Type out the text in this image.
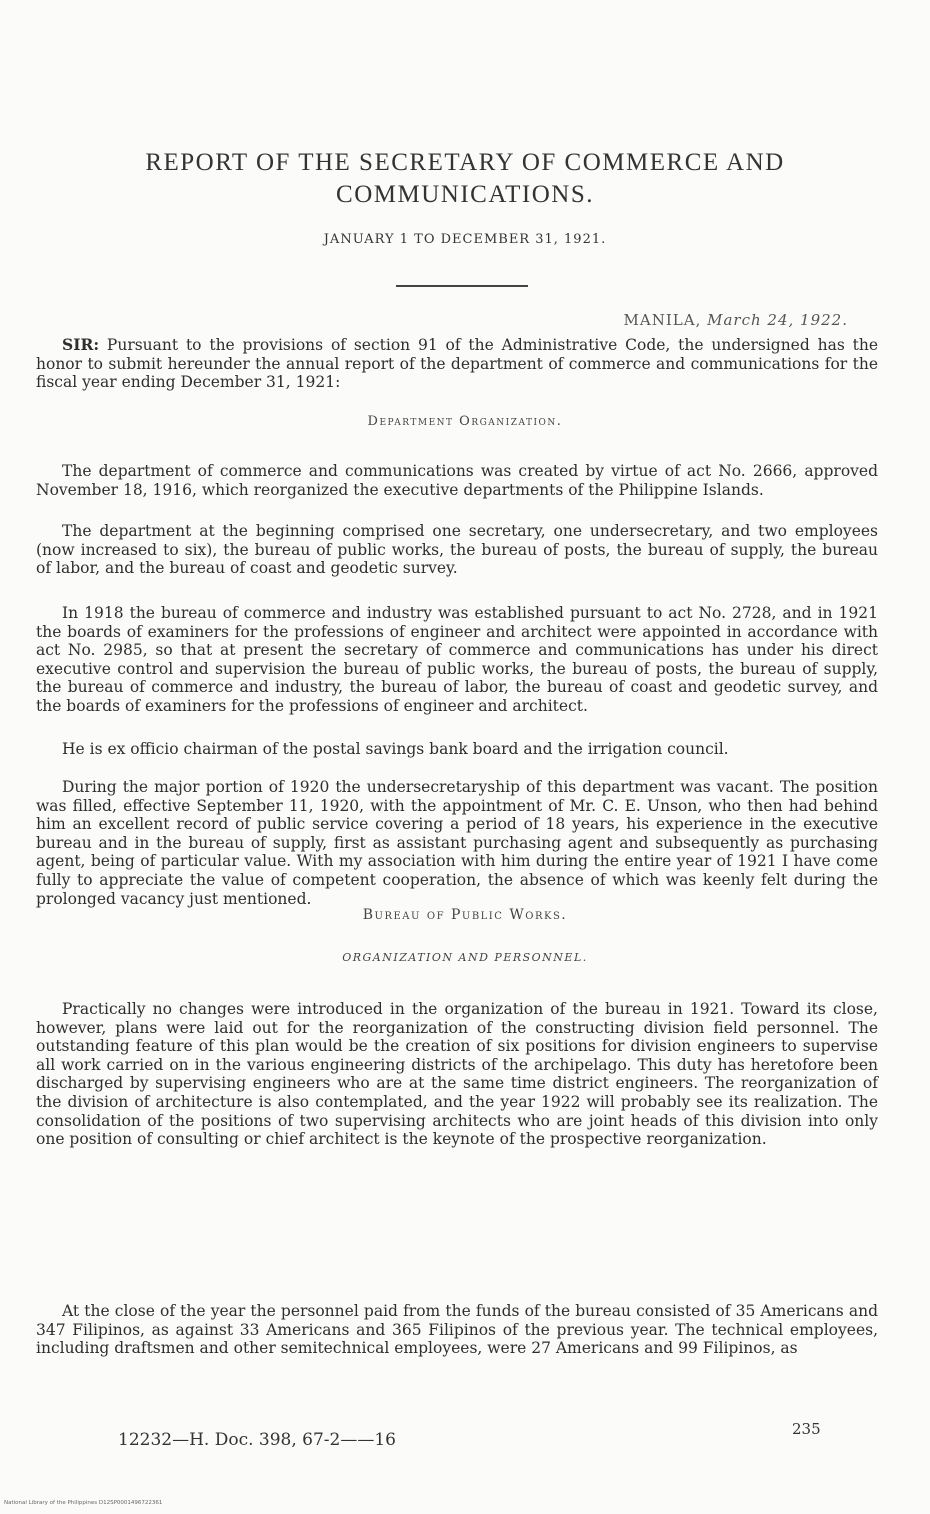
REPORT OF THE SECRETARY OF COMMERCE AND
COMMUNICATIONS.
JANUARY 1 TO DECEMBER 31, 1921.
MANILA, March 24, 1922.

SIR: Pursuant to the provisions of section 91 of the Administrative Code, the undersigned has the honor to submit hereunder the annual report of the department of commerce and communications for the fiscal year ending December 31, 1921:

Department Organization.

The department of commerce and communications was created by virtue of act No. 2666, approved November 18, 1916, which reorganized the executive departments of the Philippine Islands.

The department at the beginning comprised one secretary, one undersecretary, and two employees (now increased to six), the bureau of public works, the bureau of posts, the bureau of supply, the bureau of labor, and the bureau of coast and geodetic survey.

In 1918 the bureau of commerce and industry was established pursuant to act No. 2728, and in 1921 the boards of examiners for the professions of engineer and architect were appointed in accordance with act No. 2985, so that at present the secretary of commerce and communications has under his direct executive control and supervision the bureau of public works, the bureau of posts, the bureau of supply, the bureau of commerce and industry, the bureau of labor, the bureau of coast and geodetic survey, and the boards of examiners for the professions of engineer and architect.

He is ex officio chairman of the postal savings bank board and the irrigation council.

During the major portion of 1920 the undersecretaryship of this department was vacant. The position was filled, effective September 11, 1920, with the appointment of Mr. C. E. Unson, who then had behind him an excellent record of public service covering a period of 18 years, his experience in the executive bureau and in the bureau of supply, first as assistant purchasing agent and subsequently as purchasing agent, being of particular value. With my association with him during the entire year of 1921 I have come fully to appreciate the value of competent cooperation, the absence of which was keenly felt during the prolonged vacancy just mentioned.

Bureau of Public Works.
ORGANIZATION AND PERSONNEL.

Practically no changes were introduced in the organization of the bureau in 1921. Toward its close, however, plans were laid out for the reorganization of the constructing division field personnel. The outstanding feature of this plan would be the creation of six positions for division engineers to supervise all work carried on in the various engineering districts of the archipelago. This duty has heretofore been discharged by supervising engineers who are at the same time district engineers. The reorganization of the division of architecture is also contemplated, and the year 1922 will probably see its realization. The consolidation of the positions of two supervising architects who are joint heads of this division into only one position of consulting or chief architect is the keynote of the prospective reorganization.

At the close of the year the personnel paid from the funds of the bureau consisted of 35 Americans and 347 Filipinos, as against 33 Americans and 365 Filipinos of the previous year. The technical employees, including draftsmen and other semitechnical employees, were 27 Americans and 99 Filipinos, as

12232—H. Doc. 398, 67-2——16
235
National Library of the Philippines D12SP0001496722361
